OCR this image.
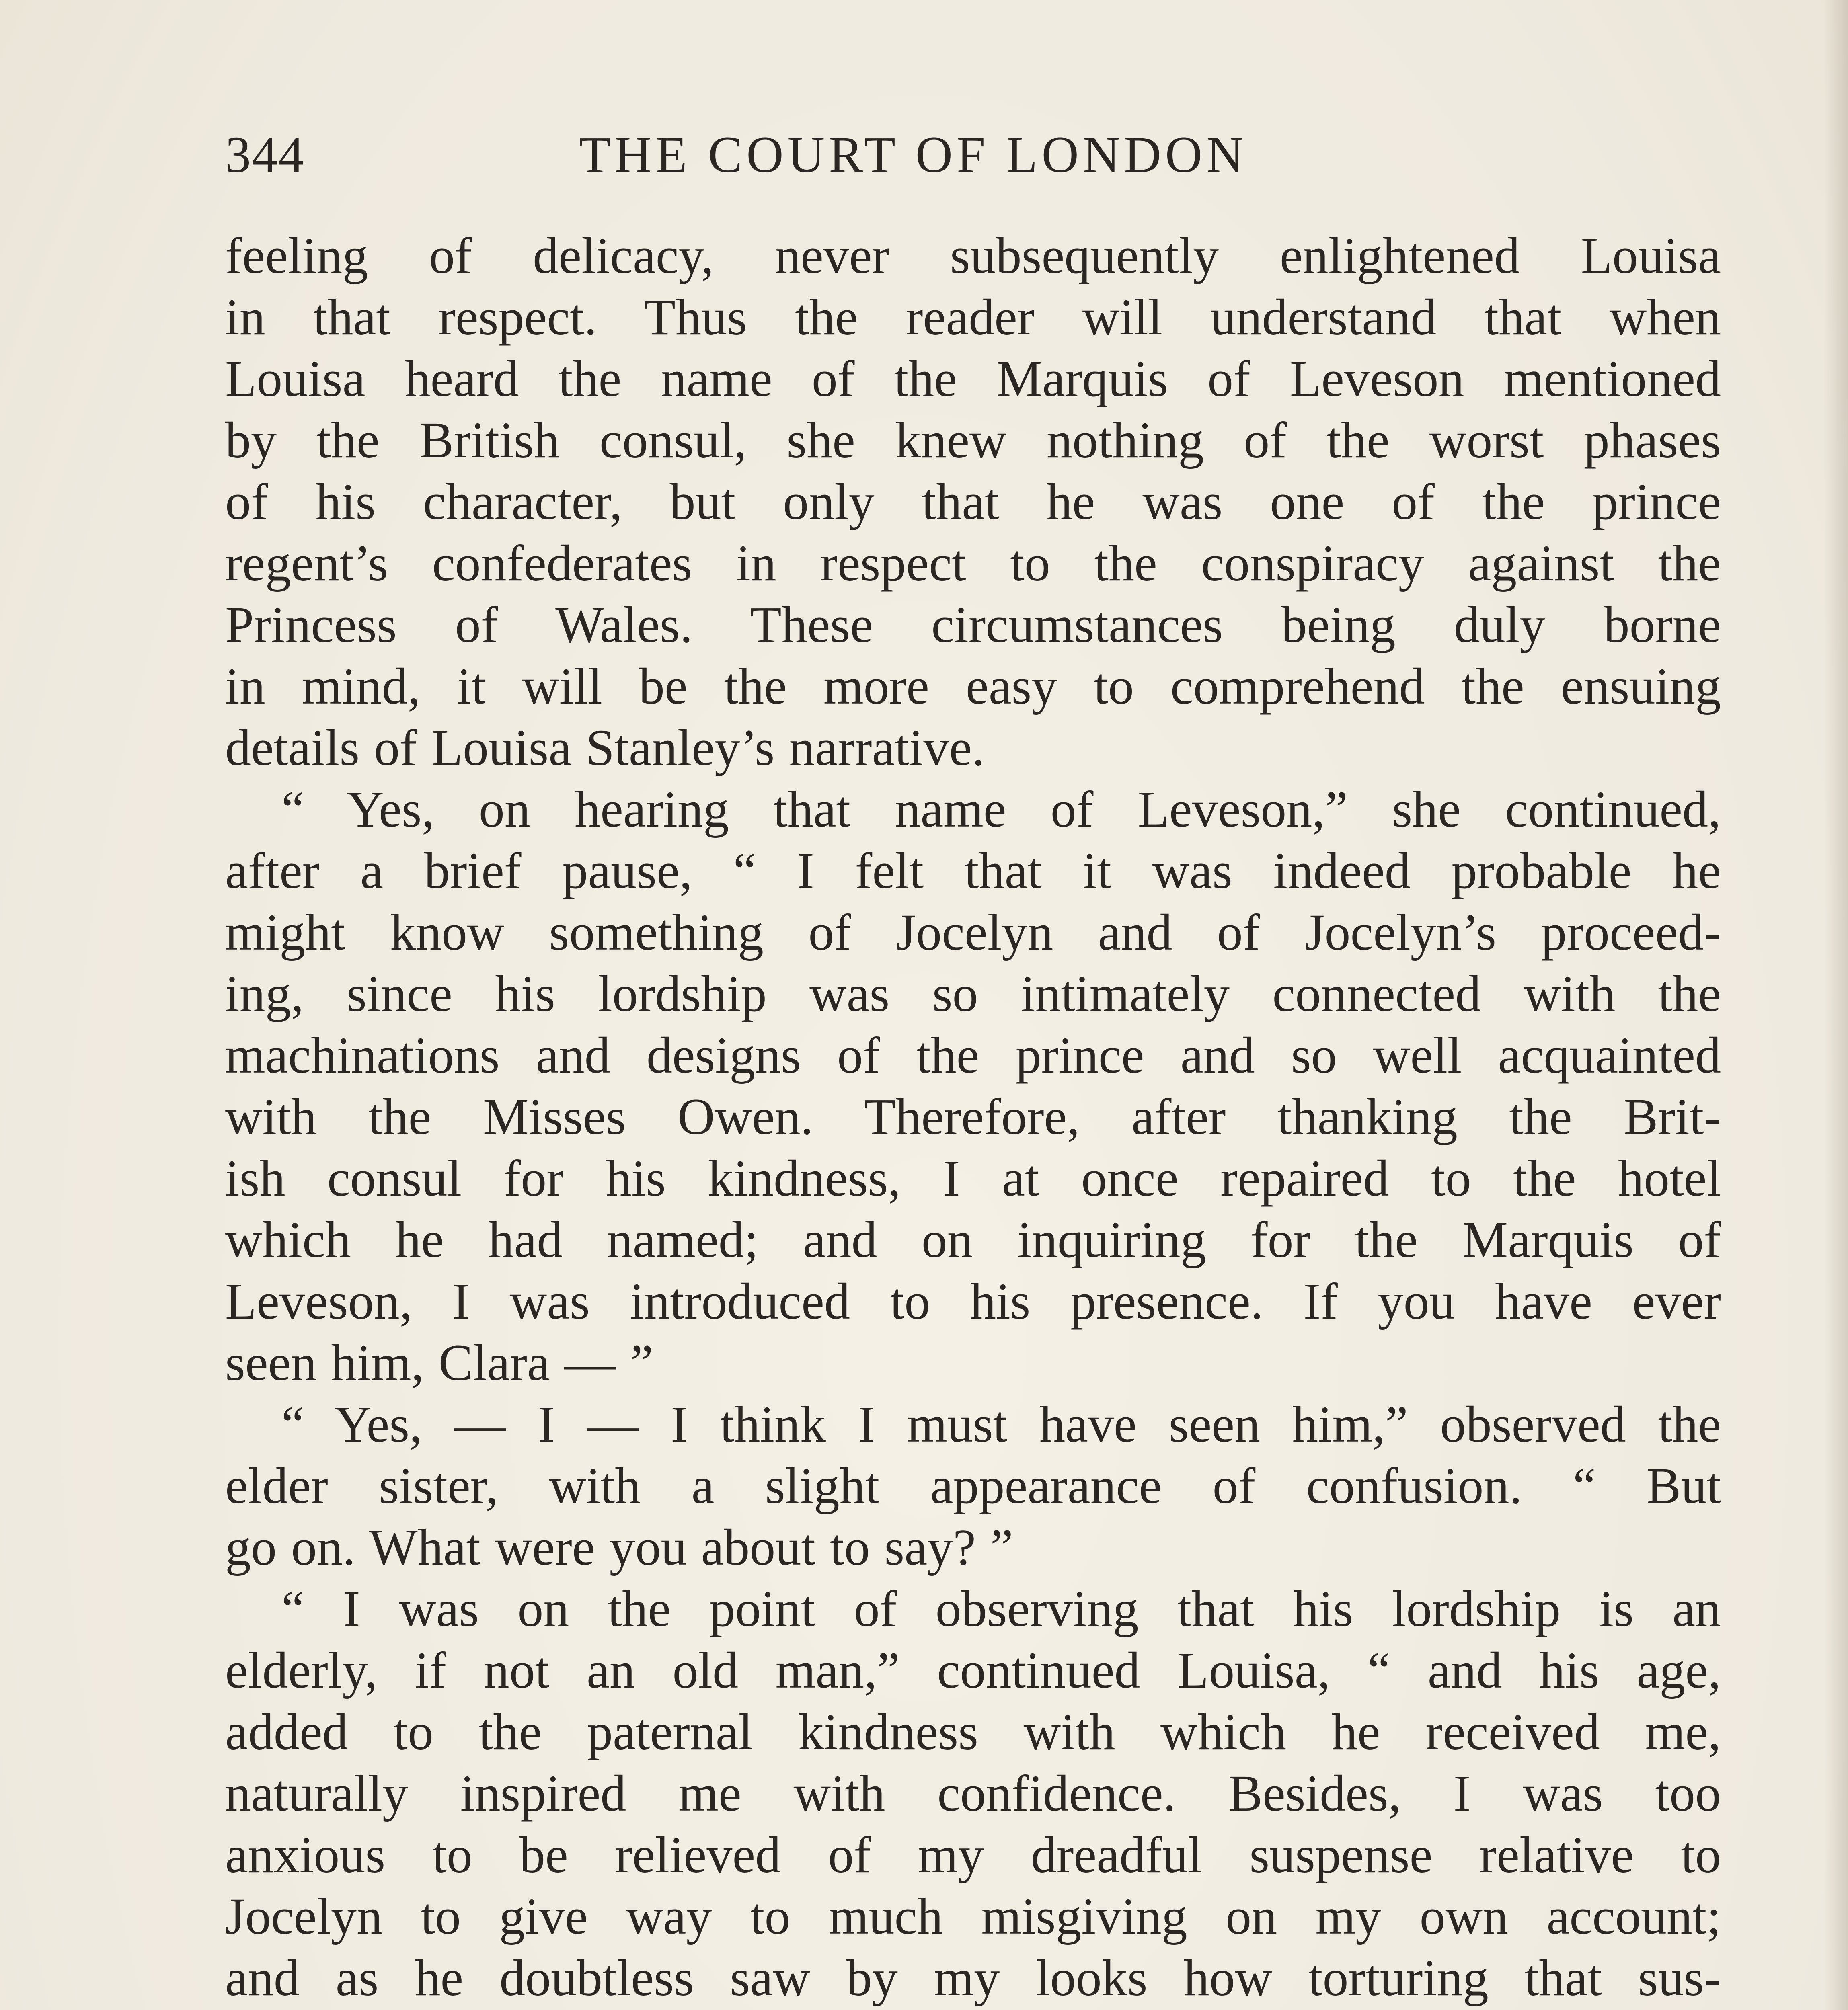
344	THE COURT OF LONDON
feeling of delicacy, never subsequently enlightened Louisa
in that respect. Thus the reader will understand that when
Louisa heard the name of the Marquis of Leveson mentioned
by the British consul, she knew nothing of the worst phases
of his character, but only that he was one of the prince
regent’s confederates in respect to the conspiracy against the
Princess of Wales. These circumstances being duly borne
in mind, it will be the more easy to comprehend the ensuing
details of Louisa Stanley’s narrative.
“ Yes, on hearing that name of Leveson,” she continued,
after a brief pause, “ I felt that it was indeed probable he
might know something of Jocelyn and of Jocelyn’s proceed-
ing, since his lordship was so intimately connected with the
machinations and designs of the prince and so well acquainted
with the Misses Owen. Therefore, after thanking the Brit-
ish consul for his kindness, I at once repaired to the hotel
which he had named; and on inquiring for the Marquis of
Leveson, I was introduced to his presence. If you have ever
seen him, Clara — ”
“ Yes, — I — I think I must have seen him,” observed the
elder sister, with a slight appearance of confusion. “ But
go on. What were you about to say? ”
“ I was on the point of observing that his lordship is an
elderly, if not an old man,” continued Louisa, “ and his age,
added to the paternal kindness with which he received me,
naturally inspired me with confidence. Besides, I was too
anxious to be relieved of my dreadful suspense relative to
Jocelyn to give way to much misgiving on my own account;
and as he doubtless saw by my looks how torturing that sus-
